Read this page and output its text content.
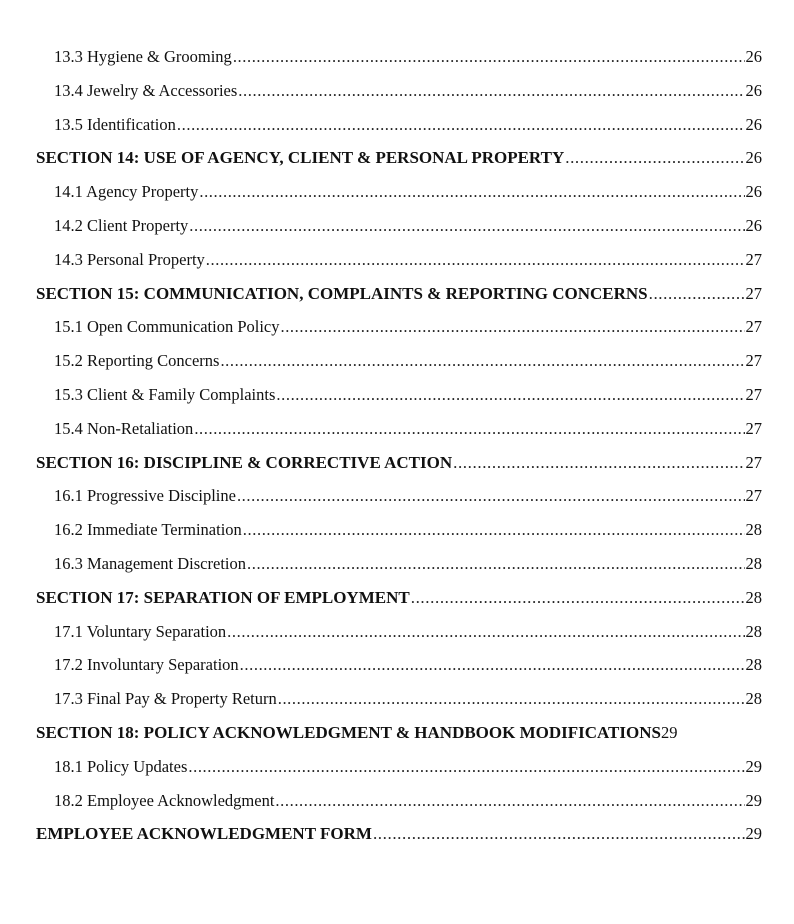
13.3 Hygiene & Grooming .....	26
13.4 Jewelry & Accessories .....	26
13.5 Identification .....	26
SECTION 14: USE OF AGENCY, CLIENT & PERSONAL PROPERTY .....	26
14.1 Agency Property .....	26
14.2 Client Property .....	26
14.3 Personal Property .....	27
SECTION 15: COMMUNICATION, COMPLAINTS & REPORTING CONCERNS .....	27
15.1 Open Communication Policy .....	27
15.2 Reporting Concerns .....	27
15.3 Client & Family Complaints .....	27
15.4 Non-Retaliation .....	27
SECTION 16: DISCIPLINE & CORRECTIVE ACTION .....	27
16.1 Progressive Discipline .....	27
16.2 Immediate Termination .....	28
16.3 Management Discretion .....	28
SECTION 17: SEPARATION OF EMPLOYMENT .....	28
17.1 Voluntary Separation .....	28
17.2 Involuntary Separation .....	28
17.3 Final Pay & Property Return .....	28
SECTION 18: POLICY ACKNOWLEDGMENT & HANDBOOK MODIFICATIONS 29
18.1 Policy Updates .....	29
18.2 Employee Acknowledgment .....	29
EMPLOYEE ACKNOWLEDGMENT FORM .....	29
